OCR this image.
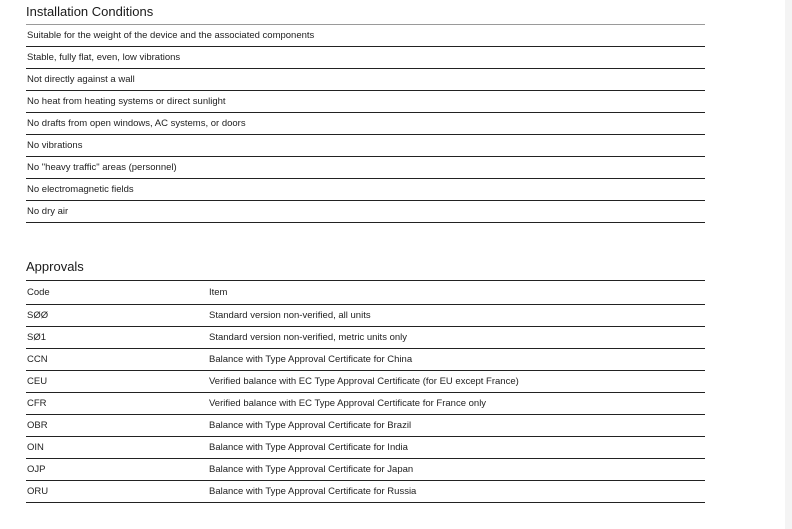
Installation Conditions
Suitable for the weight of the device and the associated components
Stable, fully flat, even, low vibrations
Not directly against a wall
No heat from heating systems or direct sunlight
No drafts from open windows, AC systems, or doors
No vibrations
No "heavy traffic" areas (personnel)
No electromagnetic fields
No dry air
Approvals
Code	Item
SØØ	Standard version non-verified, all units
SØ1	Standard version non-verified, metric units only
CCN	Balance with Type Approval Certificate for China
CEU	Verified balance with EC Type Approval Certificate (for EU except France)
CFR	Verified balance with EC Type Approval Certificate for France only
OBR	Balance with Type Approval Certificate for Brazil
OIN	Balance with Type Approval Certificate for India
OJP	Balance with Type Approval Certificate for Japan
ORU	Balance with Type Approval Certificate for Russia
